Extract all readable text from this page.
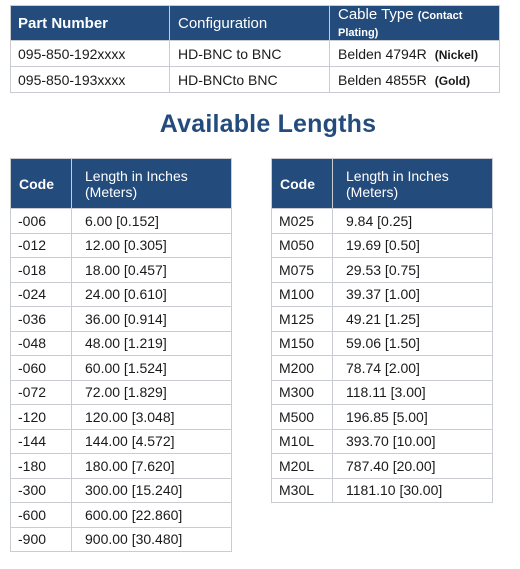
Part Number	Configuration	Cable Type (Contact Plating)
095-850-192xxxx	HD-BNC to BNC	Belden 4794R (Nickel)
095-850-193xxxx	HD-BNCto BNC	Belden 4855R (Gold)
Available Lengths
Code	Length in Inches
(Meters)
-006	6.00 [0.152]
-012	12.00 [0.305]
-018	18.00 [0.457]
-024	24.00 [0.610]
-036	36.00 [0.914]
-048	48.00 [1.219]
-060	60.00 [1.524]
-072	72.00 [1.829]
-120	120.00 [3.048]
-144	144.00 [4.572]
-180	180.00 [7.620]
-300	300.00 [15.240]
-600	600.00 [22.860]
-900	900.00 [30.480]
Code	Length in Inches
(Meters)
M025	9.84 [0.25]
M050	19.69 [0.50]
M075	29.53 [0.75]
M100	39.37 [1.00]
M125	49.21 [1.25]
M150	59.06 [1.50]
M200	78.74 [2.00]
M300	118.11 [3.00]
M500	196.85 [5.00]
M10L	393.70 [10.00]
M20L	787.40 [20.00]
M30L	1181.10 [30.00]
